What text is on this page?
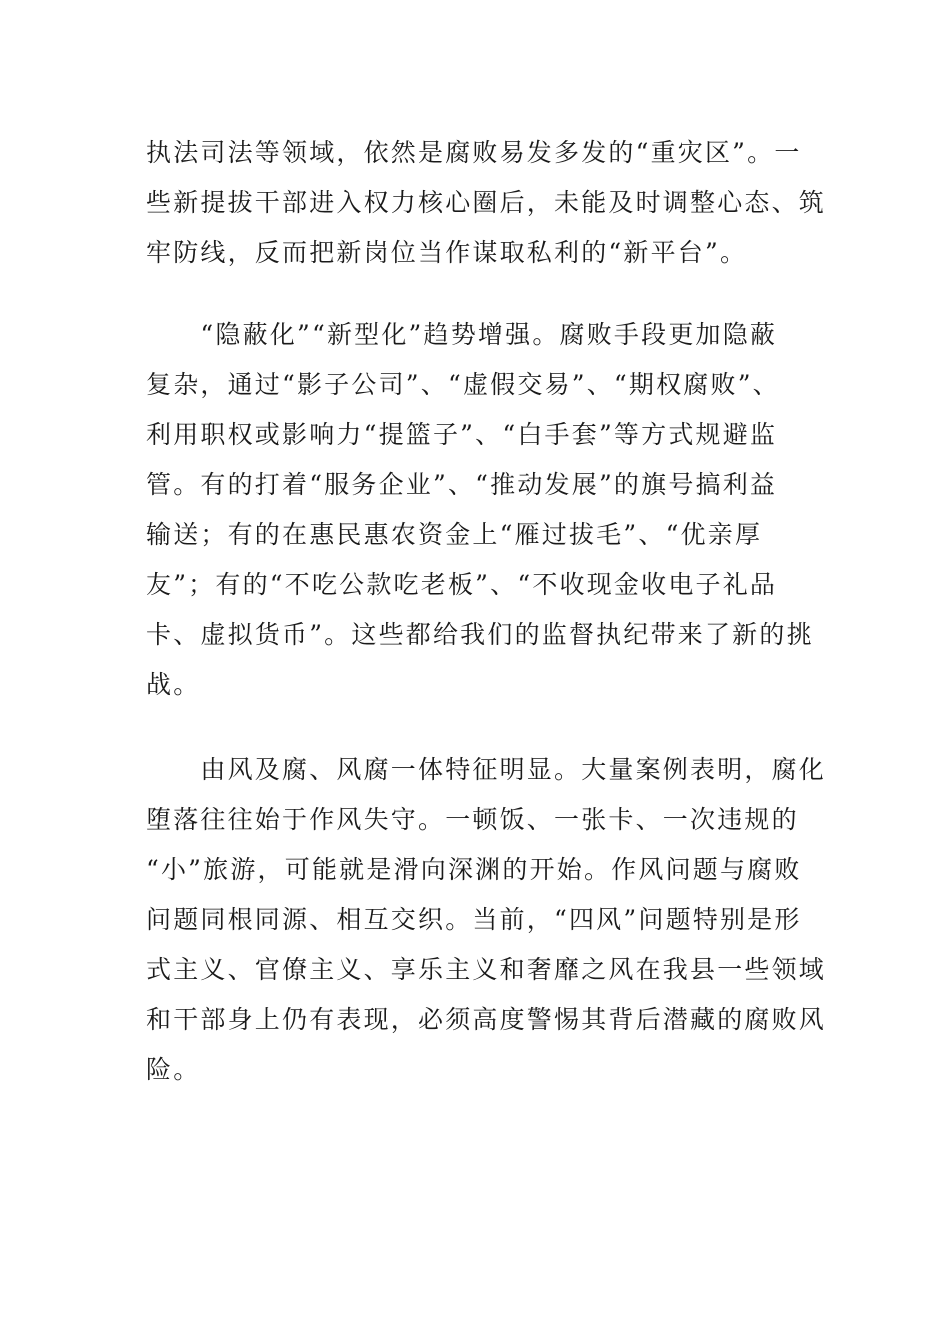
执法司法等领域，依然是腐败易发多发的“重灾区”。一
些新提拔干部进入权力核心圈后，未能及时调整心态、筑
牢防线，反而把新岗位当作谋取私利的“新平台”。
　　“隐蔽化”“新型化”趋势增强。腐败手段更加隐蔽
复杂，通过“影子公司”、“虚假交易”、“期权腐败”、
利用职权或影响力“提篮子”、“白手套”等方式规避监
管。有的打着“服务企业”、“推动发展”的旗号搞利益
输送；有的在惠民惠农资金上“雁过拔毛”、“优亲厚
友”；有的“不吃公款吃老板”、“不收现金收电子礼品
卡、虚拟货币”。这些都给我们的监督执纪带来了新的挑
战。
　　由风及腐、风腐一体特征明显。大量案例表明，腐化
堕落往往始于作风失守。一顿饭、一张卡、一次违规的
“小”旅游，可能就是滑向深渊的开始。作风问题与腐败
问题同根同源、相互交织。当前，“四风”问题特别是形
式主义、官僚主义、享乐主义和奢靡之风在我县一些领域
和干部身上仍有表现，必须高度警惕其背后潜藏的腐败风
险。
